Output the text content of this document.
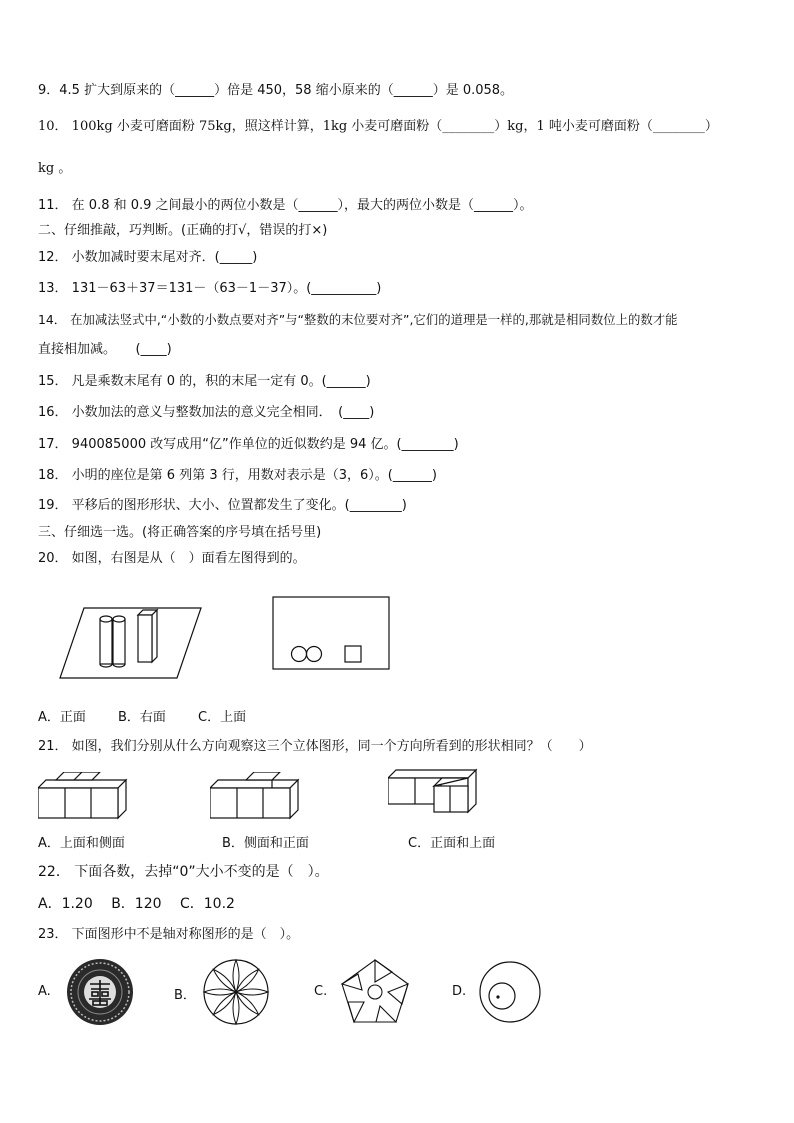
9．4.5 扩大到原来的（______）倍是 450，58 缩小原来的（______）是 0.058。
10． 100kg 小麦可磨面粉 75kg，照这样计算，1kg 小麦可磨面粉（________）kg，1 吨小麦可磨面粉（________）
kg 。
11． 在 0.8 和 0.9 之间最小的两位小数是（______），最大的两位小数是（______）。
二、仔细推敲，巧判断。(正确的打√，错误的打×)
12． 小数加减时要末尾对齐．(_____)
13． 131－63＋37＝131－（63－1－37）。(__________)
14． 在加减法竖式中,“小数的小数点要对齐”与“整数的末位要对齐”,它们的道理是一样的,那就是相同数位上的数才能
直接相加减。　　(____)
15． 凡是乘数末尾有 0 的，积的末尾一定有 0。(______)
16． 小数加法的意义与整数加法的意义完全相同．　(____)
17． 940085000 改写成用“亿”作单位的近似数约是 94 亿。(________)
18． 小明的座位是第 6 列第 3 行，用数对表示是（3，6）。(______)
19． 平移后的图形形状、大小、位置都发生了变化。(________)
三、仔细选一选。(将正确答案的序号填在括号里)
20． 如图，右图是从（　）面看左图得到的。
A．正面 B．右面 C．上面
21． 如图，我们分别从什么方向观察这三个立体图形，同一个方向所看到的形状相同？（　　）
A．上面和侧面	B．侧面和正面	C．正面和上面
22． 下面各数，去掉“0”大小不变的是（　）。
A．1.20　 B．120　 C．10.2
23． 下面图形中不是轴对称图形的是（　）。
A.	B．	C.	D.
